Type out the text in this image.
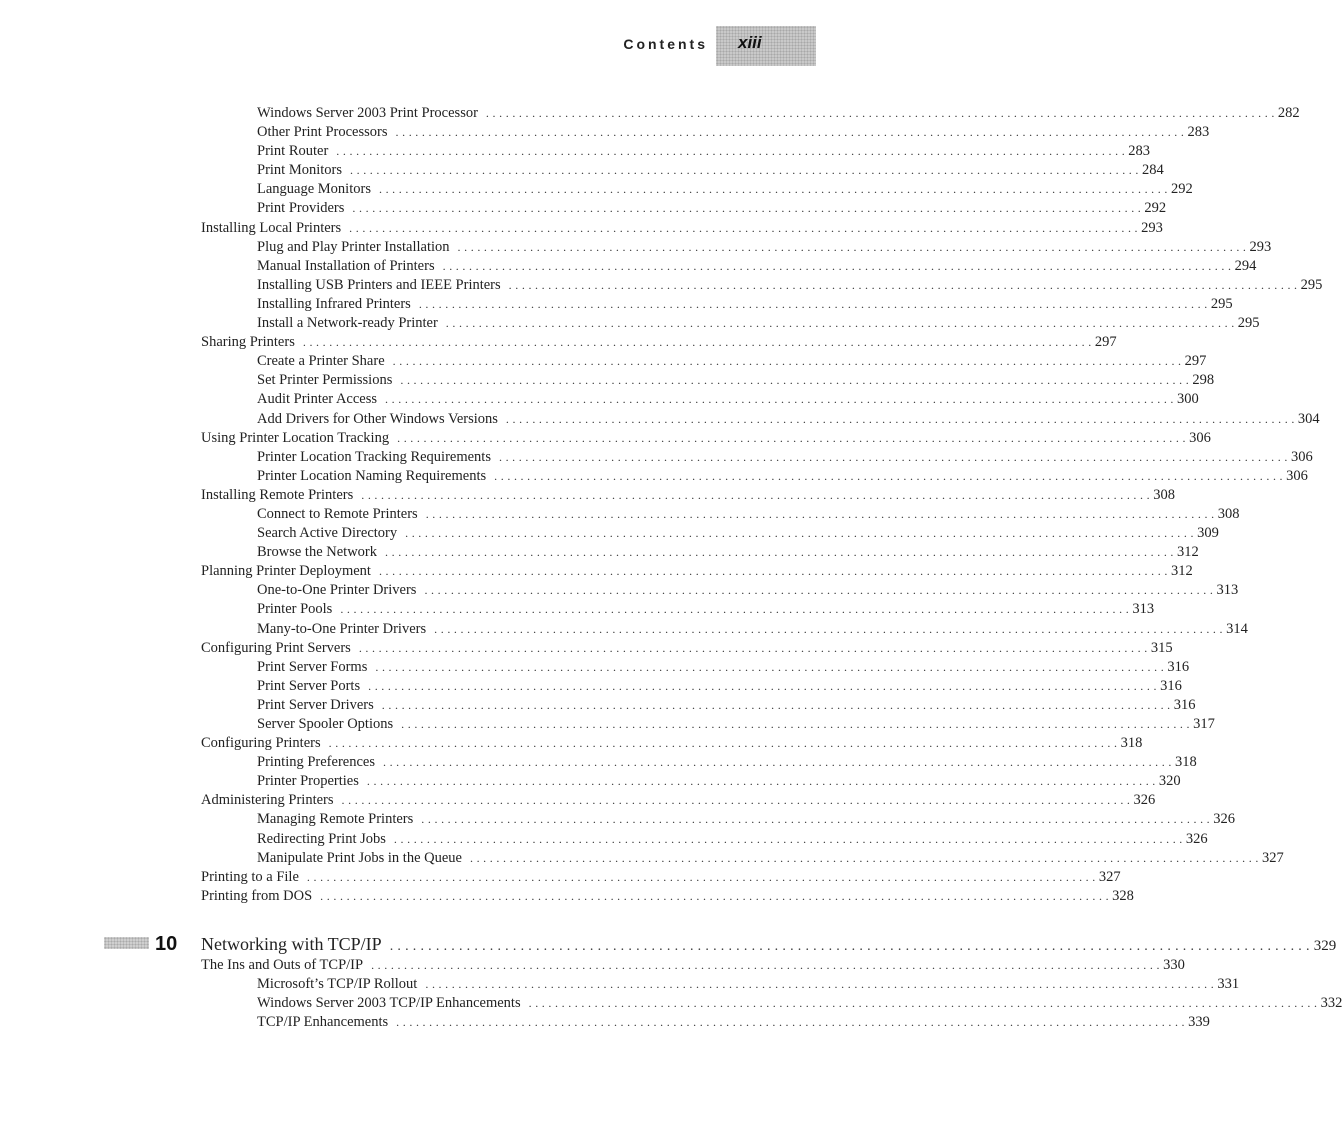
Contents xiii
Windows Server 2003 Print Processor ........................................................................................................................ 282
Other Print Processors ........................................................................................................................ 283
Print Router ........................................................................................................................ 283
Print Monitors ........................................................................................................................ 284
Language Monitors ........................................................................................................................ 292
Print Providers ........................................................................................................................ 292
Installing Local Printers ........................................................................................................................ 293
Plug and Play Printer Installation ........................................................................................................................ 293
Manual Installation of Printers ........................................................................................................................ 294
Installing USB Printers and IEEE Printers ........................................................................................................................ 295
Installing Infrared Printers ........................................................................................................................ 295
Install a Network-ready Printer ........................................................................................................................ 295
Sharing Printers ........................................................................................................................ 297
Create a Printer Share ........................................................................................................................ 297
Set Printer Permissions ........................................................................................................................ 298
Audit Printer Access ........................................................................................................................ 300
Add Drivers for Other Windows Versions ........................................................................................................................ 304
Using Printer Location Tracking ........................................................................................................................ 306
Printer Location Tracking Requirements ........................................................................................................................ 306
Printer Location Naming Requirements ........................................................................................................................ 306
Installing Remote Printers ........................................................................................................................ 308
Connect to Remote Printers ........................................................................................................................ 308
Search Active Directory ........................................................................................................................ 309
Browse the Network ........................................................................................................................ 312
Planning Printer Deployment ........................................................................................................................ 312
One-to-One Printer Drivers ........................................................................................................................ 313
Printer Pools ........................................................................................................................ 313
Many-to-One Printer Drivers ........................................................................................................................ 314
Configuring Print Servers ........................................................................................................................ 315
Print Server Forms ........................................................................................................................ 316
Print Server Ports ........................................................................................................................ 316
Print Server Drivers ........................................................................................................................ 316
Server Spooler Options ........................................................................................................................ 317
Configuring Printers ........................................................................................................................ 318
Printing Preferences ........................................................................................................................ 318
Printer Properties ........................................................................................................................ 320
Administering Printers ........................................................................................................................ 326
Managing Remote Printers ........................................................................................................................ 326
Redirecting Print Jobs ........................................................................................................................ 326
Manipulate Print Jobs in the Queue ........................................................................................................................ 327
Printing to a File ........................................................................................................................ 327
Printing from DOS ........................................................................................................................ 328
10 Networking with TCP/IP ........................................................................................................................ 329
The Ins and Outs of TCP/IP ........................................................................................................................ 330
Microsoft’s TCP/IP Rollout ........................................................................................................................ 331
Windows Server 2003 TCP/IP Enhancements ........................................................................................................................ 332
TCP/IP Enhancements ........................................................................................................................ 339
